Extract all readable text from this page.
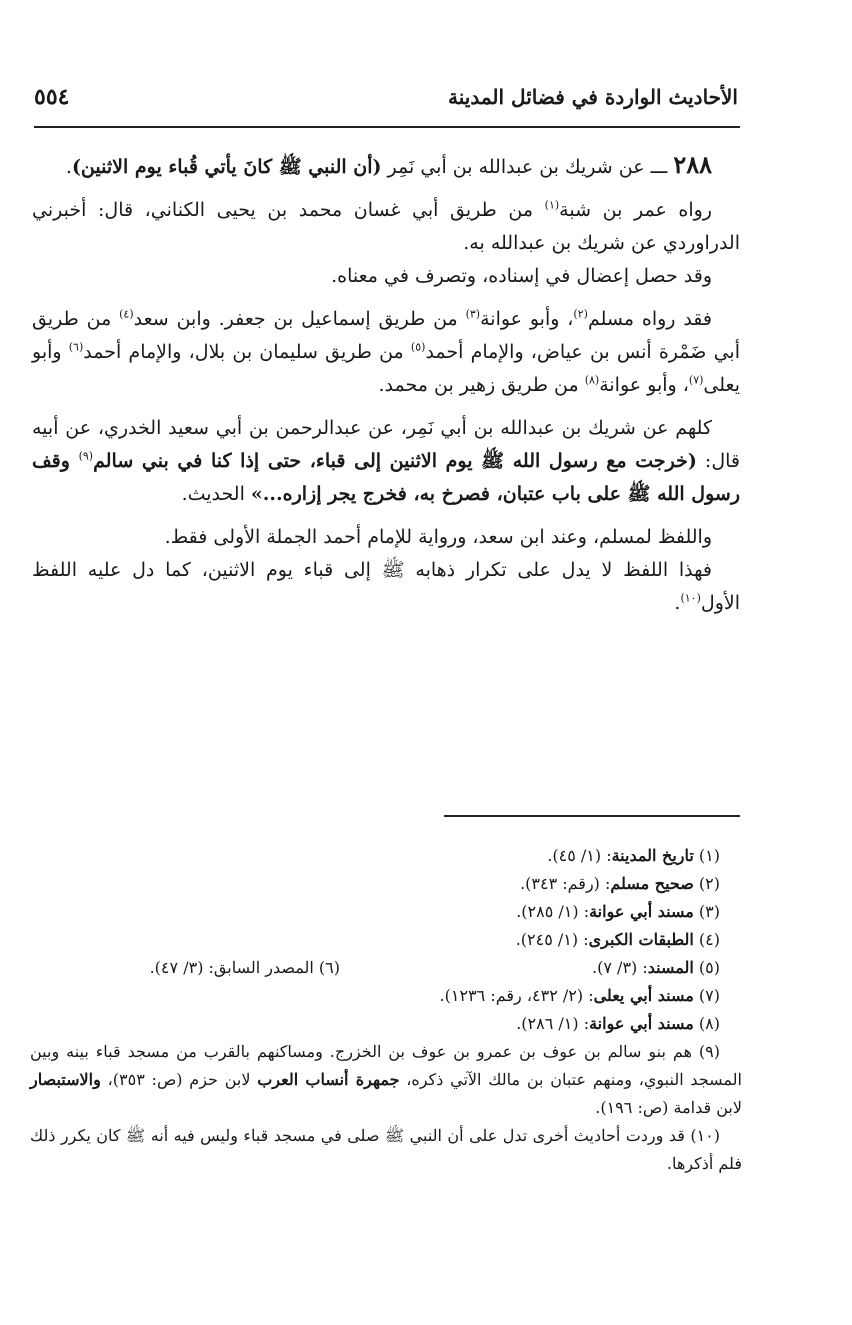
الأحاديث الواردة في فضائل المدينة
٥٥٤

٢٨٨ ـــ عن شريك بن عبدالله بن أبي نَمِر (أن النبي ﷺ كانَ يأتي قُباء يوم الاثنين).

رواه عمر بن شبة$^{(١)}$ من طريق أبي غسان محمد بن يحيى الكناني، قال: أخبرني الدراوردي عن شريك بن عبدالله به.

وقد حصل إعضال في إسناده، وتصرف في معناه.

فقد رواه مسلم$^{(٢)}$، وأبو عوانة$^{(٣)}$ من طريق إسماعيل بن جعفر. وابن سعد$^{(٤)}$ من طريق أبي ضَمْرة أنس بن عياض، والإمام أحمد$^{(٥)}$ من طريق سليمان بن بلال، والإمام أحمد$^{(٦)}$ وأبو يعلى$^{(٧)}$، وأبو عوانة$^{(٨)}$ من طريق زهير بن محمد.

كلهم عن شريك بن عبدالله بن أبي نَمِر، عن عبدالرحمن بن أبي سعيد الخدري، عن أبيه قال: (خرجت مع رسول الله ﷺ يوم الاثنين إلى قباء، حتى إذا كنا في بني سالم$^{(٩)}$ وقف رسول الله ﷺ على باب عتبان، فصرخ به، فخرج يجر إزاره...» الحديث.

واللفظ لمسلم، وعند ابن سعد، ورواية للإمام أحمد الجملة الأولى فقط.

فهذا اللفظ لا يدل على تكرار ذهابه ﷺ إلى قباء يوم الاثنين، كما دل عليه اللفظ الأول$^{(١٠)}$.

(١) تاريخ المدينة: (١/ ٤٥).

(٢) صحيح مسلم: (رقم: ٣٤٣).

(٣) مسند أبي عوانة: (١/ ٢٨٥).

(٤) الطبقات الكبرى: (١/ ٢٤٥).

(٥) المسند: (٣/ ٧).
(٦) المصدر السابق: (٣/ ٤٧).

(٧) مسند أبي يعلى: (٢/ ٤٣٢، رقم: ١٢٣٦).

(٨) مسند أبي عوانة: (١/ ٢٨٦).

(٩) هم بنو سالم بن عوف بن عمرو بن عوف بن الخزرج. ومساكنهم بالقرب من مسجد قباء بينه وبين المسجد النبوي، ومنهم عتبان بن مالك الآتي ذكره، جمهرة أنساب العرب لابن حزم (ص: ٣٥٣)، والاستبصار لابن قدامة (ص: ١٩٦).

(١٠) قد وردت أحاديث أخرى تدل على أن النبي ﷺ صلى في مسجد قباء وليس فيه أنه ﷺ كان يكرر ذلك فلم أذكرها.
